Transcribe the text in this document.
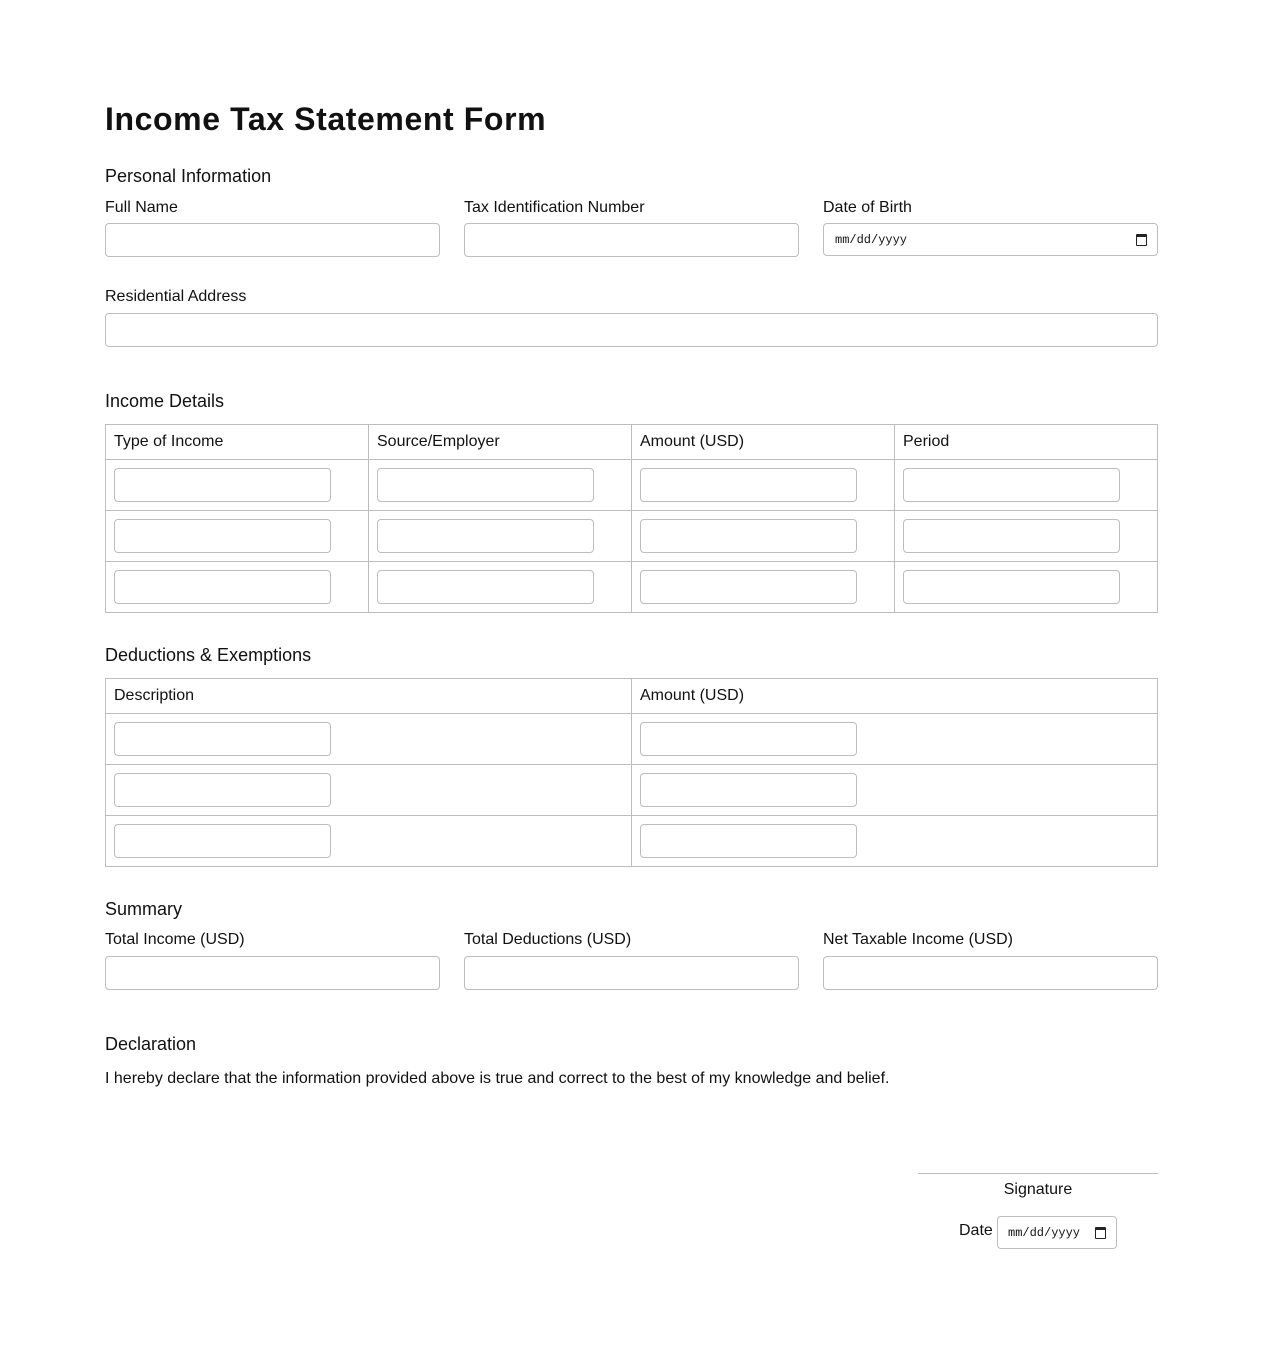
Income Tax Statement Form
Personal Information
Full Name	Tax Identification Number	Date of Birth
mm/dd/yyyy
Residential Address
Income Details
Type of Income	Source/Employer	Amount (USD)	Period

Deductions & Exemptions
Description	Amount (USD)

Summary
Total Income (USD)	Total Deductions (USD)	Net Taxable Income (USD)
Declaration
I hereby declare that the information provided above is true and correct to the best of my knowledge and belief.
Signature
Date mm/dd/yyyy
